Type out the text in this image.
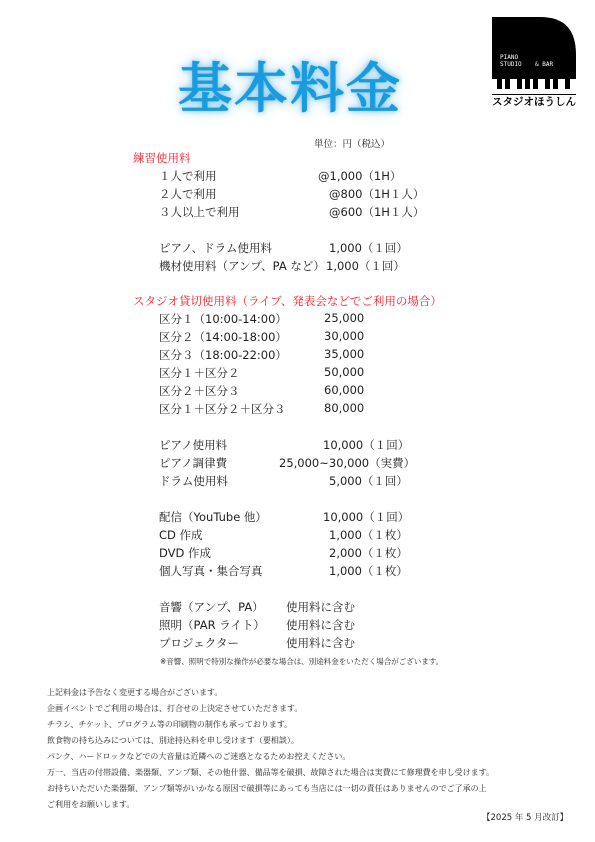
基本料金	PIANO
STUDIO & BAR
スタジオほうしん
単位：円（税込）
練習使用料
１人で利用	@1,000（1H）
２人で利用	@800（1H１人）
３人以上で利用	@600（1H１人）
ピアノ、ドラム使用料	1,000（１回）
機材使用料（アンプ、PA など） 1,000（１回）
スタジオ貸切使用料（ライブ、発表会などでご利用の場合）
区分１（10:00-14:00）	25,000
区分２（14:00-18:00）	30,000
区分３（18:00-22:00）	35,000
区分１＋区分２	50,000
区分２＋区分３	60,000
区分１＋区分２＋区分３	80,000
ピアノ使用料	10,000（１回）
ピアノ調律費	25,000~30,000（実費）
ドラム使用料	5,000（１回）
配信（YouTube 他）	10,000（１回）
CD 作成	1,000（１枚）
DVD 作成	2,000（１枚）
個人写真・集合写真	1,000（１枚）
音響（アンプ、PA） 使用料に含む
照明（PAR ライト） 使用料に含む
プロジェクター	使用料に含む
※音響、照明で特別な操作が必要な場合は、別途料金をいただく場合がございます。
上記料金は予告なく変更する場合がございます。
企画イベントでご利用の場合は、打合せの上決定させていただきます。
チラシ、チケット、プログラム等の印刷物の制作も承っております。
飲食物の持ち込みについては、別途持込料を申し受けます（要相談）。
パンク、ハードロックなどでの大音量は近隣へのご迷惑となるためお控えください。
万一、当店の付帯設備、楽器類、アンプ類、その他什器、備品等を破損、故障された場合は実費にて修理費を申し受けます。
お持ちいただいた楽器類、アンプ類等がいかなる原因で破損等にあっても当店には一切の責任はありませんのでご了承の上
ご利用をお願いします。
【2025 年 5 月改訂】
